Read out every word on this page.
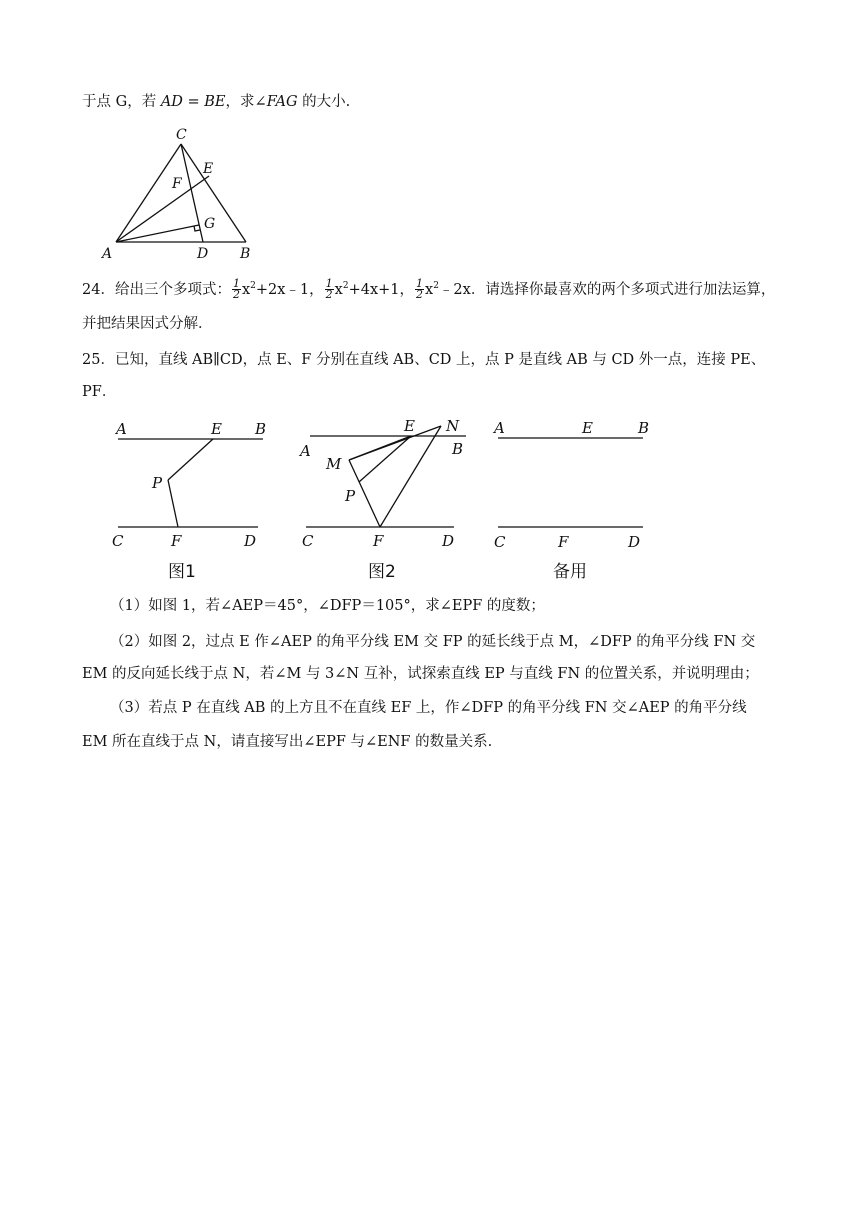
于点 G，若 AD = BE，求∠FAG 的大小.
C
E
F
G
A	D B
24．给出三个多项式： $\frac{1}{2}$ $x^2+2x﹣1$， $\frac{1}{2} x^2+4x+1$， $\frac{1}{2}$ $x^2﹣2x$．请选择你最喜欢的两个多项式进行加法运算，
并把结果因式分解．
25．已知，直线 AB∥CD，点 E、F 分别在直线 AB、CD 上，点 P 是直线 AB 与 CD 外一点，连接 PE、
PF．
A	E B
P
C	F	D
图1
E N
A	B
M
P
C	F	D
图2
A	E	B
C	F	D
备用
（1）如图 1，若∠AEP＝45°，∠DFP＝105°，求∠EPF 的度数；
（2）如图 2，过点 E 作∠AEP 的角平分线 EM 交 FP 的延长线于点 M，∠DFP 的角平分线 FN 交
EM 的反向延长线于点 N，若∠M 与 3∠N 互补，试探索直线 EP 与直线 FN 的位置关系，并说明理由；
（3）若点 P 在直线 AB 的上方且不在直线 EF 上，作∠DFP 的角平分线 FN 交∠AEP 的角平分线
EM 所在直线于点 N，请直接写出∠EPF 与∠ENF 的数量关系.
